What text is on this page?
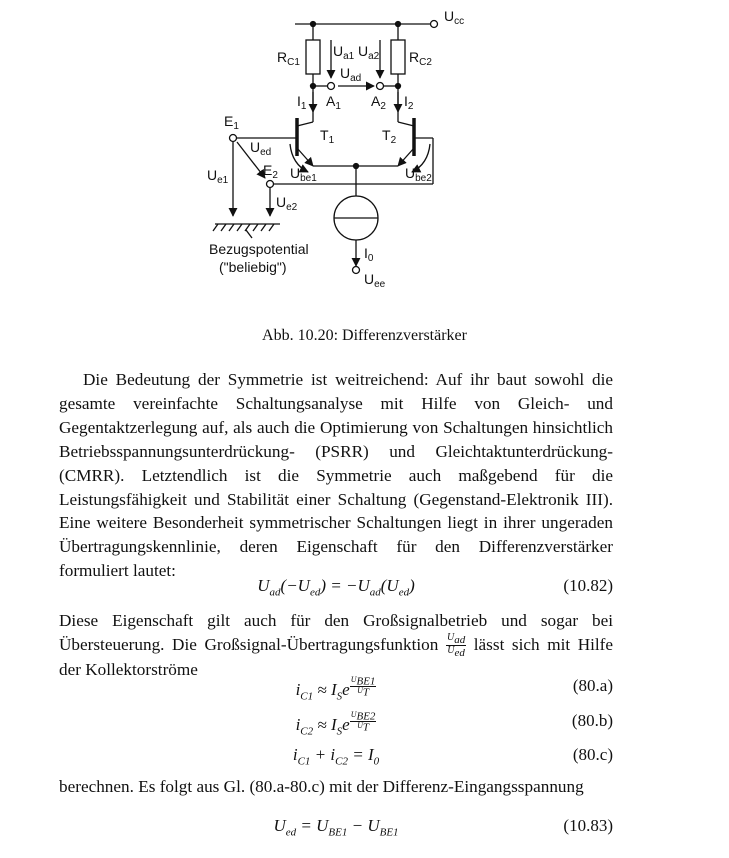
$U_{cc}$
$R_{C1}$	$R_{C2}$
$U_{a1}$ $U_{a2}$
$U_{ad}$
$I_1$ $A_1$ $A_2$ $I_2$
$E_1$
$T_1$	$T_2$
$U_{ed}$
$E_2$
$U_{e1}$	$U_{be1}$	$U_{be2}$
$U_{e2}$
$I_0$
$U_{ee}$
Bezugspotential
("beliebig")
Abb. 10.20: Differenzverstärker

Die Bedeutung der Symmetrie ist weitreichend: Auf ihr baut sowohl die gesamte vereinfachte Schaltungsanalyse mit Hilfe von Gleich- und Gegentaktzerlegung auf, als auch die Optimierung von Schaltungen hinsichtlich Betriebsspannungsunterdrückung- (PSRR) und Gleichtaktunterdrückung- (CMRR). Letztendlich ist die Symmetrie auch maßgebend für die Leistungsfähigkeit und Stabilität einer Schaltung (Gegenstand-Elektronik III). Eine weitere Besonderheit symmetrischer Schaltungen liegt in ihrer ungeraden Übertragungskennlinie, deren Eigenschaft für den Differenzverstärker formuliert lautet:

$U_{ad}(-U_{ed}) = -U_{ad}(U_{ed})$	(10.82)

Diese Eigenschaft gilt auch für den Großsignalbetrieb und sogar bei Übersteuerung. Die Großsignal-Übertragungsfunktion $\frac{U_{ad}}{U_{ed}}$ lässt sich mit Hilfe der Kollektorströme

$i_{C1} \approx I_Se$ $^{\frac{U_{BE1}}{U_T}}$	(80.a)
$i_{C2} \approx I_Se$ $^{\frac{U_{BE2}}{U_T}}$	(80.b)
$i_{C1} + i_{C2} = I_0$	(80.c)

berechnen. Es folgt aus Gl. (80.a-80.c) mit der Differenz-Eingangsspannung

$U_{ed} = U_{BE1} - U_{BE1}$	(10.83)
